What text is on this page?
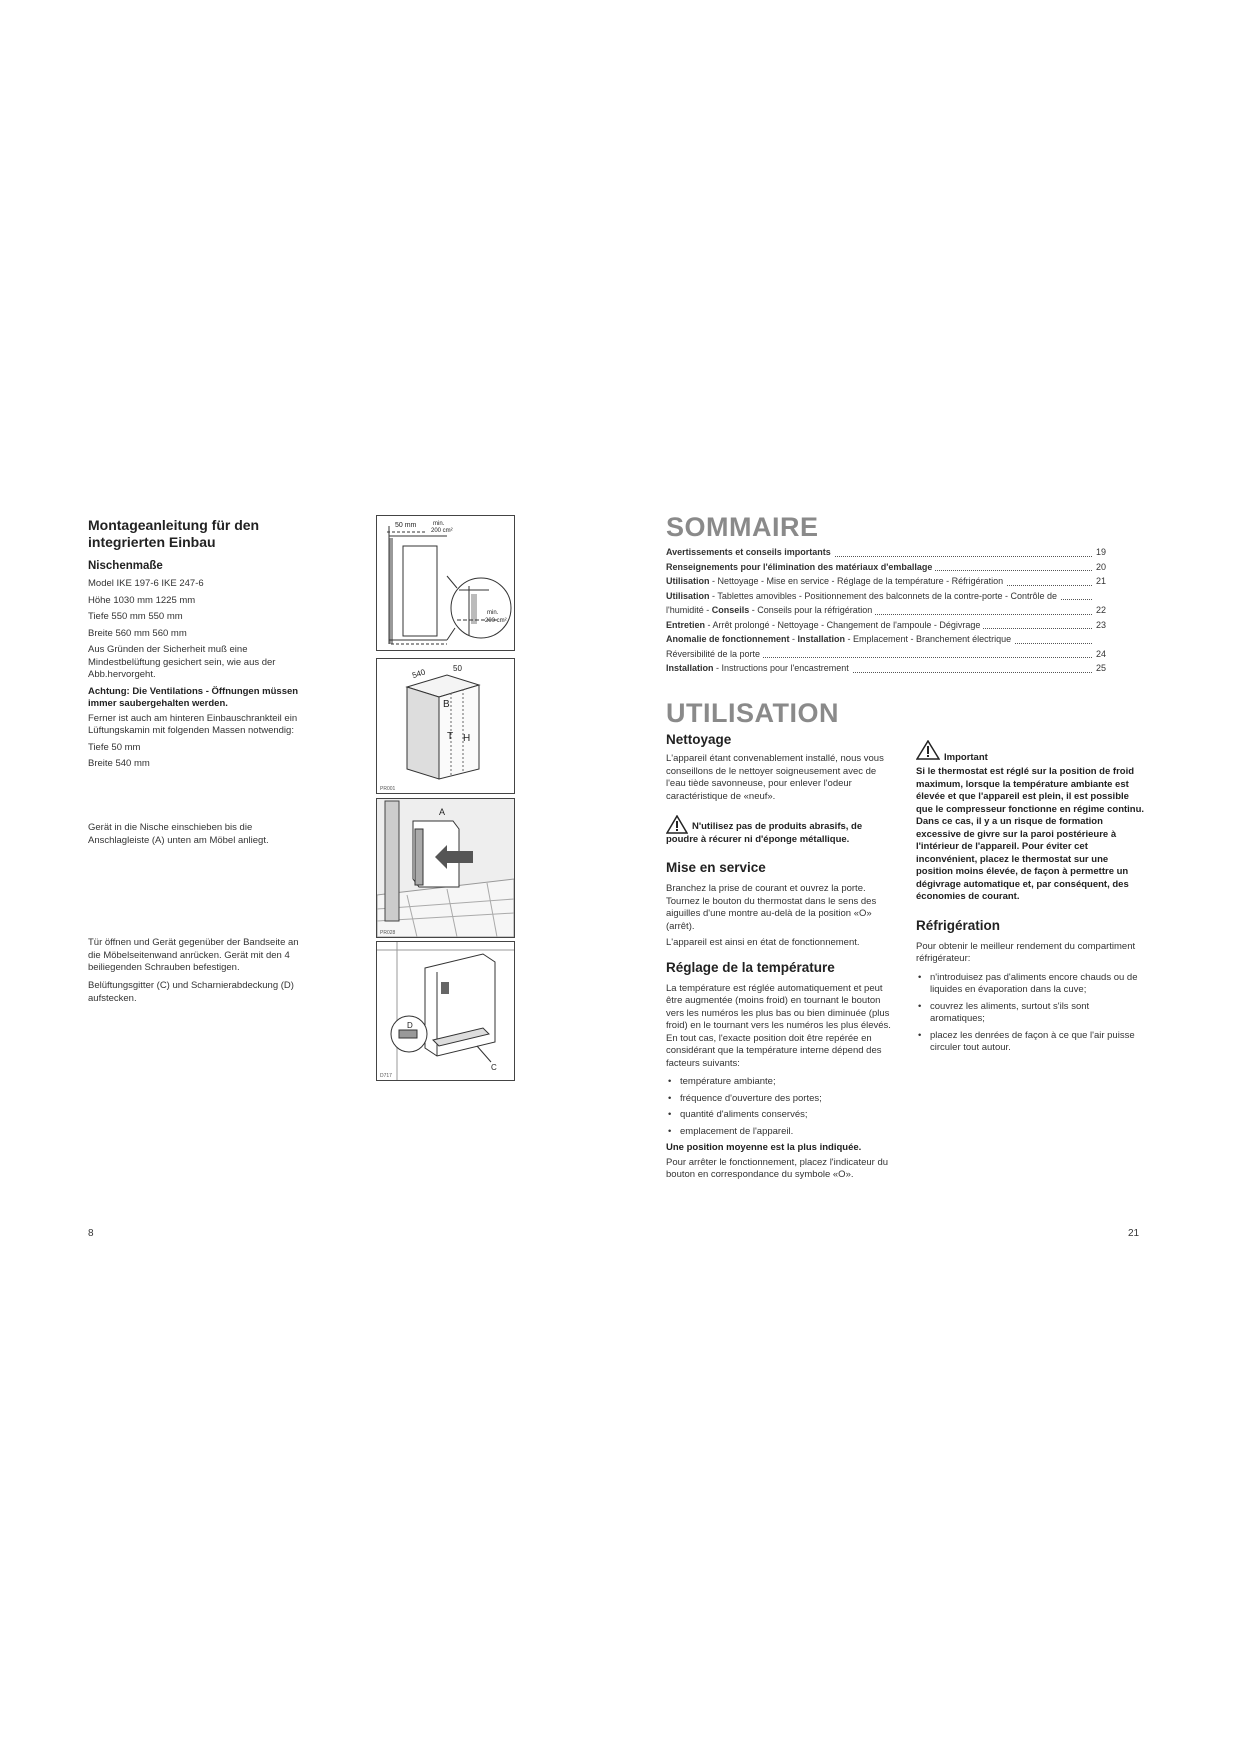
Montageanleitung für den integrierten Einbau
Nischenmaße

Model IKE 197-6 IKE 247-6

Höhe 1030 mm 1225 mm

Tiefe 550 mm 550 mm

Breite 560 mm 560 mm

Aus Gründen der Sicherheit muß eine Mindestbelüftung gesichert sein, wie aus der Abb.hervorgeht.

Achtung: Die Ventilations - Öffnungen müssen immer saubergehalten werden.

Ferner ist auch am hinteren Einbauschrankteil ein Lüftungskamin mit folgenden Massen notwendig:

Tiefe 50 mm

Breite 540 mm

Gerät in die Nische einschieben bis die Anschlagleiste (A) unten am Möbel anliegt.

Tür öffnen und Gerät gegenüber der Bandseite an die Möbelseitenwand anrücken. Gerät mit den 4 beiliegenden Schrauben befestigen.

Belüftungsgitter (C) und Scharnierabdeckung (D) aufstecken.

8
50 mm	min.
200 cm²
min.
200 cm²
540	50
B
T H
PR001
A
PR028
D
C
D717
SOMMAIRE
Avertissements et conseils importants	19
Renseignements pour l'élimination des matériaux d'emballage	20
Utilisation - Nettoyage - Mise en service - Réglage de la température - Réfrigération	21
Utilisation - Tablettes amovibles - Positionnement des balconnets de la contre-porte - Contrôle de
l'humidité - Conseils - Conseils pour la réfrigération	22
Entretien - Arrêt prolongé - Nettoyage - Changement de l'ampoule - Dégivrage	23
Anomalie de fonctionnement - Installation - Emplacement - Branchement électrique
Réversibilité de la porte	24
Installation - Instructions pour l'encastrement	25
UTILISATION
Nettoyage

L'appareil étant convenablement installé, nous vous conseillons de le nettoyer soigneusement avec de l'eau tiède savonneuse, pour enlever l'odeur caractéristique de «neuf».

N'utilisez pas de produits abrasifs, de poudre à récurer ni d'éponge métallique.

Mise en service

Branchez la prise de courant et ouvrez la porte. Tournez le bouton du thermostat dans le sens des aiguilles d'une montre au-delà de la position «O» (arrêt).

L'appareil est ainsi en état de fonctionnement.

Réglage de la température

La température est réglée automatiquement et peut être augmentée (moins froid) en tournant le bouton vers les numéros les plus bas ou bien diminuée (plus froid) en le tournant vers les numéros les plus élevés. En tout cas, l'exacte position doit être repérée en considérant que la température interne dépend des facteurs suivants:

• température ambiante;
• fréquence d'ouverture des portes;
• quantité d'aliments conservés;
• emplacement de l'appareil.

Une position moyenne est la plus indiquée.

Pour arrêter le fonctionnement, placez l'indicateur du bouton en correspondance du symbole «O».

Important

Si le thermostat est réglé sur la position de froid maximum, lorsque la température ambiante est élevée et que l'appareil est plein, il est possible que le compresseur fonctionne en régime continu. Dans ce cas, il y a un risque de formation excessive de givre sur la paroi postérieure à l'intérieur de l'appareil. Pour éviter cet inconvénient, placez le thermostat sur une position moins élevée, de façon à permettre un dégivrage automatique et, par conséquent, des économies de courant.

Réfrigération

Pour obtenir le meilleur rendement du compartiment réfrigérateur:

• n'introduisez pas d'aliments encore chauds ou de liquides en évaporation dans la cuve;
• couvrez les aliments, surtout s'ils sont aromatiques;
• placez les denrées de façon à ce que l'air puisse circuler tout autour.
21
